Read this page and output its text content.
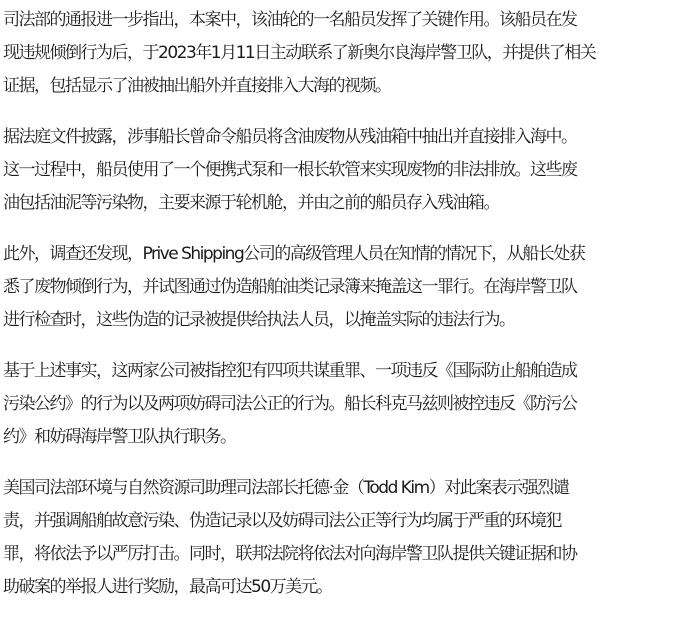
司法部的通报进一步指出，本案中，该油轮的一名船员发挥了关键作用。该船员在发
现违规倾倒行为后，于2023年1月11日主动联系了新奥尔良海岸警卫队，并提供了相关
证据，包括显示了油被抽出船外并直接排入大海的视频。

据法庭文件披露，涉事船长曾命令船员将含油废物从残油箱中抽出并直接排入海中。
这一过程中，船员使用了一个便携式泵和一根长软管来实现废物的非法排放。这些废
油包括油泥等污染物，主要来源于轮机舱，并由之前的船员存入残油箱。

此外，调查还发现，Prive Shipping公司的高级管理人员在知情的情况下，从船长处获
悉了废物倾倒行为，并试图通过伪造船舶油类记录簿来掩盖这一罪行。在海岸警卫队
进行检查时，这些伪造的记录被提供给执法人员，以掩盖实际的违法行为。

基于上述事实，这两家公司被指控犯有四项共谋重罪、一项违反《国际防止船舶造成
污染公约》的行为以及两项妨碍司法公正的行为。船长科克马兹则被控违反《防污公
约》和妨碍海岸警卫队执行职务。

美国司法部环境与自然资源司助理司法部长托德·金（Todd Kim）对此案表示强烈谴
责，并强调船舶故意污染、伪造记录以及妨碍司法公正等行为均属于严重的环境犯
罪，将依法予以严厉打击。同时，联邦法院将依法对向海岸警卫队提供关键证据和协
助破案的举报人进行奖励，最高可达50万美元。
